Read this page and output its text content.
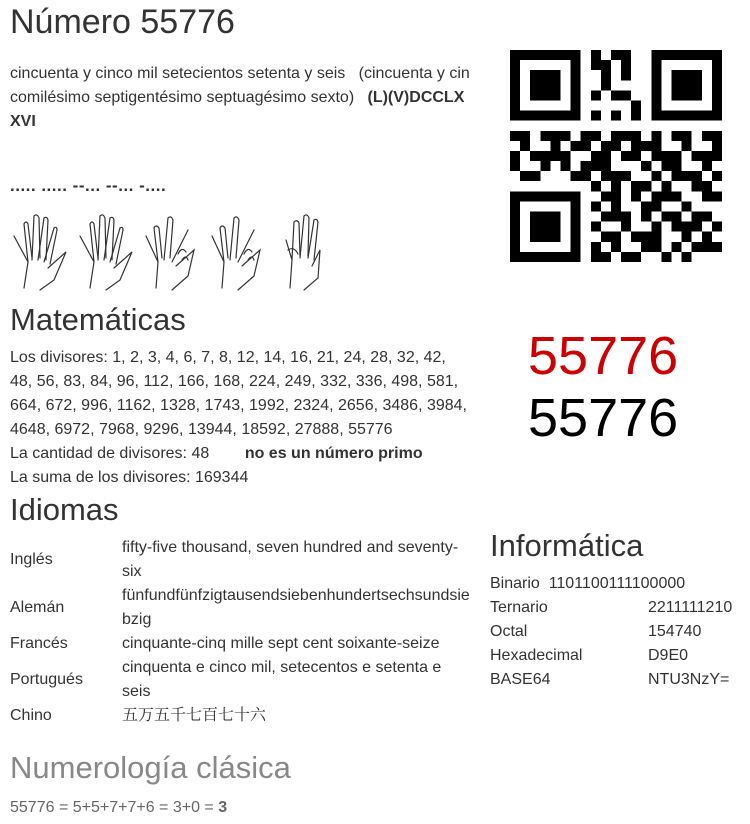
Número 55776
cincuenta y cinco mil setecientos setenta y seis (cincuenta y cin
comilésimo septigentésimo septuagésimo sexto) (L)(V)DCCLX
XVI
..... ..... --... --... -....
Matemáticas
Los divisores: 1, 2, 3, 4, 6, 7, 8, 12, 14, 16, 21, 24, 28, 32, 42,
48, 56, 83, 84, 96, 112, 166, 168, 224, 249, 332, 336, 498, 581,
664, 672, 996, 1162, 1328, 1743, 1992, 2324, 2656, 3486, 3984,
4648, 6972, 7968, 9296, 13944, 18592, 27888, 55776
La cantidad de divisores: 48 no es un número primo
La suma de los divisores: 169344
55776
55776
Idiomas
Inglés	fifty-five thousand, seven hundred and seventy-
six
Alemán	fünfundfünfzigtausendsiebenhundertsechsundsie
bzig
Francés	cinquante-cinq mille sept cent soixante-seize
Portugués	cinquenta e cinco mil, setecentos e setenta e
seis
Chino	五万五千七百七十六
Informática
Binario  1101100111100000	
Ternario	2211111210
Octal	154740
Hexadecimal	D9E0
BASE64	NTU3NzY=
Numerología clásica
55776 = 5+5+7+7+6 = 3+0 = 3
